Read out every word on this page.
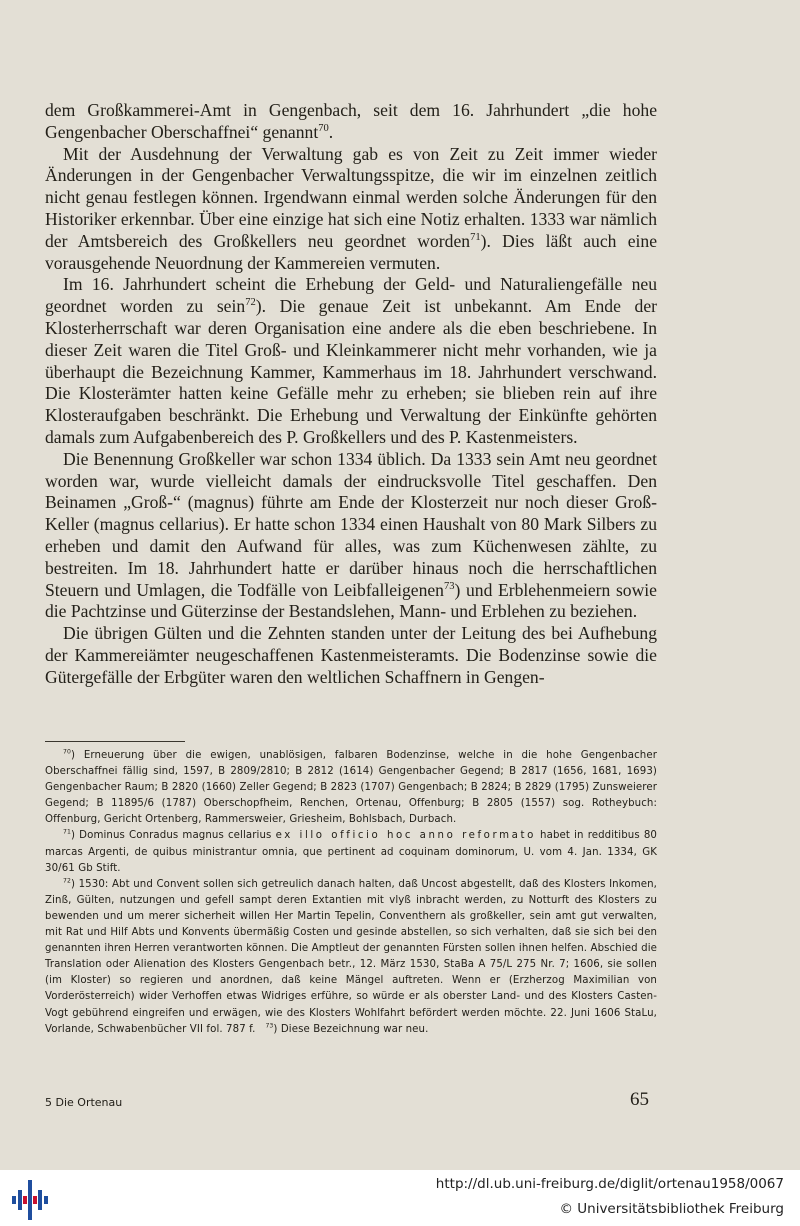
dem Großkammerei-Amt in Gengenbach, seit dem 16. Jahrhundert „die hohe Gengenbacher Oberschaffnei“ genannt$^{70}$.

Mit der Ausdehnung der Verwaltung gab es von Zeit zu Zeit immer wieder Änderungen in der Gengenbacher Verwaltungsspitze, die wir im einzelnen zeitlich nicht genau festlegen können. Irgendwann einmal werden solche Änderungen für den Historiker erkennbar. Über eine einzige hat sich eine Notiz erhalten. 1333 war nämlich der Amtsbereich des Großkellers neu geordnet worden$^{71}$). Dies läßt auch eine vorausgehende Neuordnung der Kammereien vermuten.

Im 16. Jahrhundert scheint die Erhebung der Geld- und Naturaliengefälle neu geordnet worden zu sein$^{72}$). Die genaue Zeit ist unbekannt. Am Ende der Klosterherrschaft war deren Organisation eine andere als die eben beschriebene. In dieser Zeit waren die Titel Groß- und Kleinkammerer nicht mehr vorhanden, wie ja überhaupt die Bezeichnung Kammer, Kammerhaus im 18. Jahrhundert verschwand. Die Klosterämter hatten keine Gefälle mehr zu erheben; sie blieben rein auf ihre Klosteraufgaben beschränkt. Die Erhebung und Verwaltung der Einkünfte gehörten damals zum Aufgabenbereich des P. Großkellers und des P. Kastenmeisters.

Die Benennung Großkeller war schon 1334 üblich. Da 1333 sein Amt neu geordnet worden war, wurde vielleicht damals der eindrucksvolle Titel geschaffen. Den Beinamen „Groß-“ (magnus) führte am Ende der Klosterzeit nur noch dieser Groß-Keller (magnus cellarius). Er hatte schon 1334 einen Haushalt von 80 Mark Silbers zu erheben und damit den Aufwand für alles, was zum Küchenwesen zählte, zu bestreiten. Im 18. Jahrhundert hatte er darüber hinaus noch die herrschaftlichen Steuern und Umlagen, die Todfälle von Leibfalleigenen$^{73}$) und Erblehenmeiern sowie die Pachtzinse und Güterzinse der Bestandslehen, Mann- und Erblehen zu beziehen.

Die übrigen Gülten und die Zehnten standen unter der Leitung des bei Aufhebung der Kammereiämter neugeschaffenen Kastenmeisteramts. Die Bodenzinse sowie die Gütergefälle der Erbgüter waren den weltlichen Schaffnern in Gengen-

$^{70}$) Erneuerung über die ewigen, unablösigen, falbaren Bodenzinse, welche in die hohe Gengenbacher Oberschaffnei fällig sind, 1597, B 2809/2810; B 2812 (1614) Gengenbacher Gegend; B 2817 (1656, 1681, 1693) Gengenbacher Raum; B 2820 (1660) Zeller Gegend; B 2823 (1707) Gengenbach; B 2824; B 2829 (1795) Zunsweierer Gegend; B 11895/6 (1787) Oberschopfheim, Renchen, Ortenau, Offenburg; B 2805 (1557) sog. Rotheybuch: Offenburg, Gericht Ortenberg, Rammersweier, Griesheim, Bohlsbach, Durbach.

$^{71}$) Dominus Conradus magnus cellarius ex illo officio hoc anno reformato habet in redditibus 80 marcas Argenti, de quibus ministrantur omnia, que pertinent ad coquinam dominorum, U. vom 4. Jan. 1334, GK 30/61 Gb Stift.

$^{72}$) 1530: Abt und Convent sollen sich getreulich danach halten, daß Uncost abgestellt, daß des Klosters Inkomen, Zinß, Gülten, nutzungen und gefell sampt deren Extantien mit vlyß inbracht werden, zu Notturft des Klosters zu bewenden und um merer sicherheit willen Her Martin Tepelin, Conventhern als großkeller, sein amt gut verwalten, mit Rat und Hilf Abts und Konvents übermäßig Costen und gesinde abstellen, so sich verhalten, daß sie sich bei den genannten ihren Herren verantworten können. Die Amptleut der genannten Fürsten sollen ihnen helfen. Abschied die Translation oder Alienation des Klosters Gengenbach betr., 12. März 1530, StaBa A 75/L 275 Nr. 7; 1606, sie sollen (im Kloster) so regieren und anordnen, daß keine Mängel auftreten. Wenn er (Erzherzog Maximilian von Vorderösterreich) wider Verhoffen etwas Widriges erführe, so würde er als oberster Land- und des Klosters Casten-Vogt gebührend eingreifen und erwägen, wie des Klosters Wohlfahrt befördert werden möchte. 22. Juni 1606 StaLu, Vorlande, Schwabenbücher VII fol. 787 f. $^{73}$) Diese Bezeichnung war neu.

5 Die Ortenau	65
http://dl.ub.uni-freiburg.de/diglit/ortenau1958/0067
© Universitätsbibliothek Freiburg
